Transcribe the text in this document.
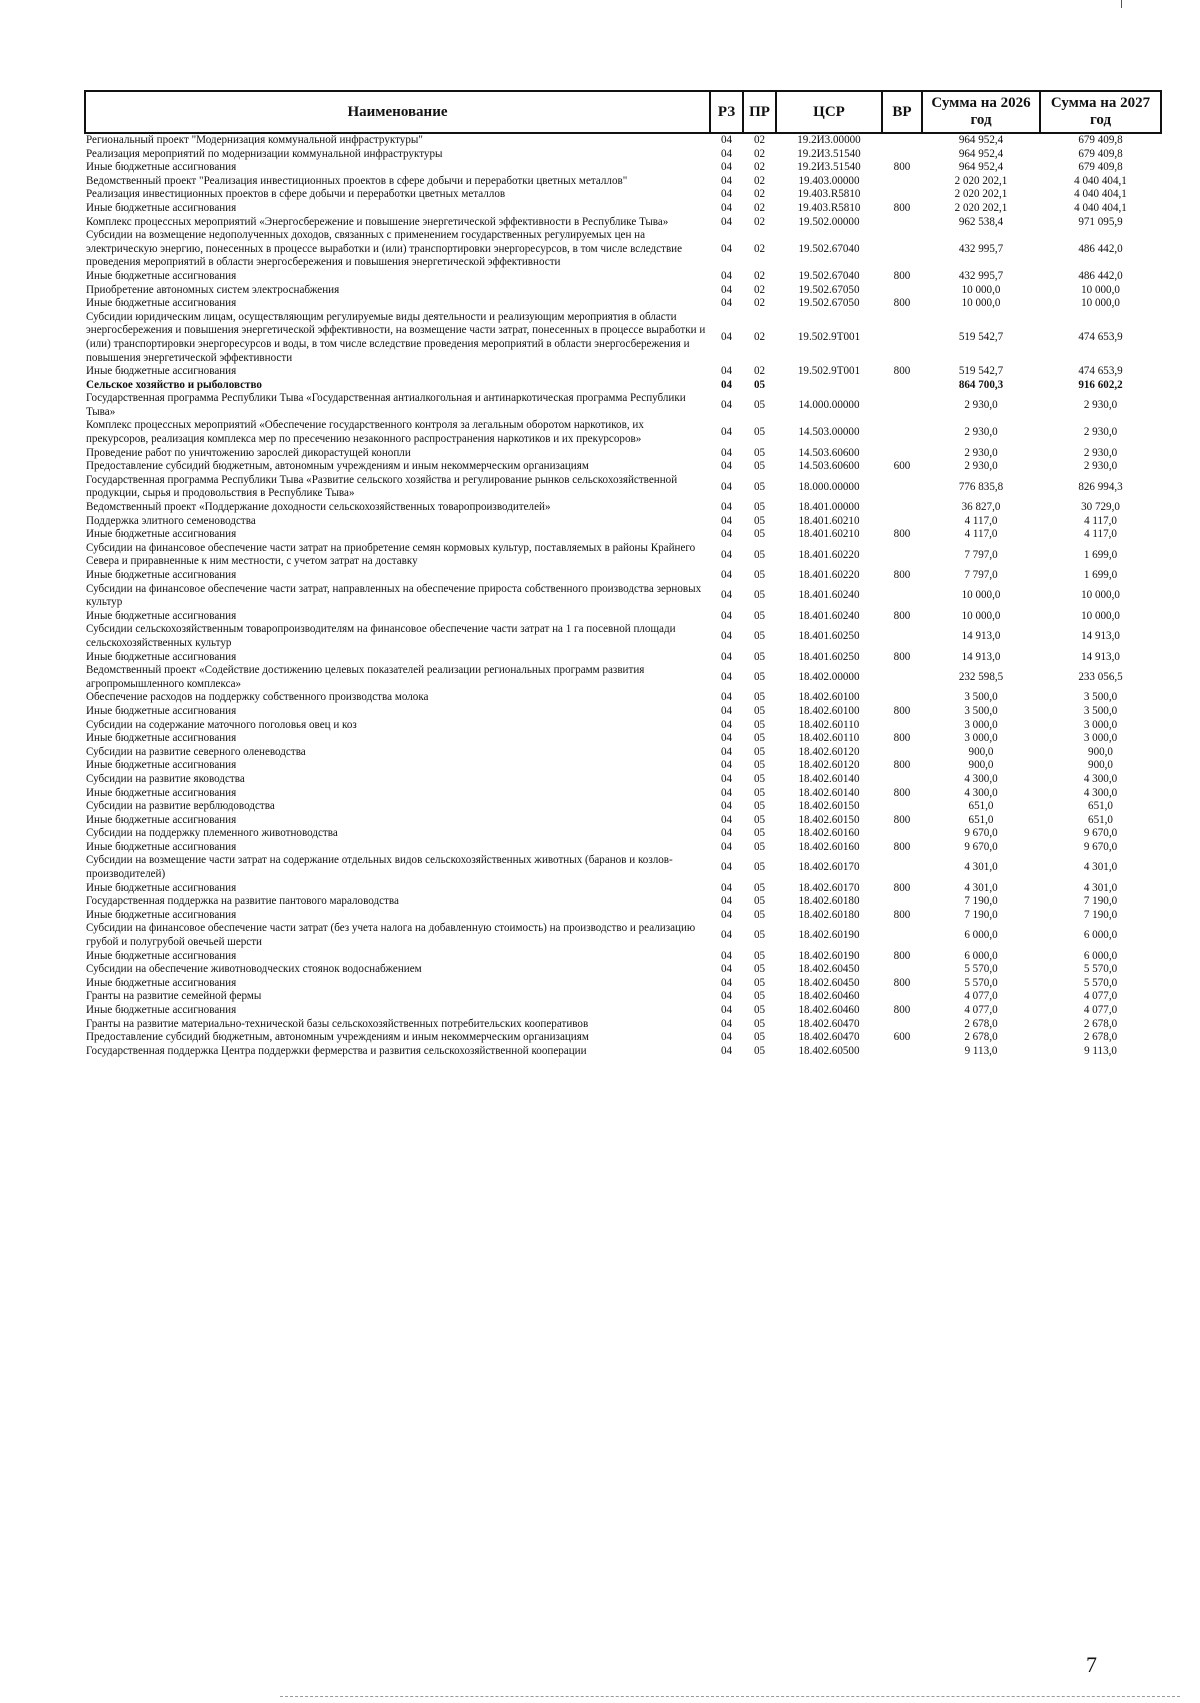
Наименование	РЗ	ПР	ЦСР	ВР	Сумма на 2026 год	Сумма на 2027 год
Региональный проект "Модернизация коммунальной инфраструктуры"	04	02	19.2И3.00000		964 952,4	679 409,8
Реализация мероприятий по модернизации коммунальной инфраструктуры	04	02	19.2И3.51540		964 952,4	679 409,8
Иные бюджетные ассигнования	04	02	19.2И3.51540	800	964 952,4	679 409,8
Ведомственный проект "Реализация инвестиционных проектов в сфере добычи и переработки цветных металлов"	04	02	19.403.00000		2 020 202,1	4 040 404,1
Реализация инвестиционных проектов в сфере добычи и переработки цветных металлов	04	02	19.403.R5810		2 020 202,1	4 040 404,1
Иные бюджетные ассигнования	04	02	19.403.R5810	800	2 020 202,1	4 040 404,1
Комплекс процессных мероприятий «Энергосбережение и повышение энергетической эффективности в Республике Тыва»	04	02	19.502.00000		962 538,4	971 095,9
Субсидии на возмещение недополученных доходов, связанных с применением государственных регулируемых цен на электрическую энергию, понесенных в процессе выработки и (или) транспортировки энергоресурсов, в том числе вследствие проведения мероприятий в области энергосбережения и повышения энергетической эффективности	04	02	19.502.67040		432 995,7	486 442,0
Иные бюджетные ассигнования	04	02	19.502.67040	800	432 995,7	486 442,0
Приобретение автономных систем электроснабжения	04	02	19.502.67050		10 000,0	10 000,0
Иные бюджетные ассигнования	04	02	19.502.67050	800	10 000,0	10 000,0
Субсидии юридическим лицам, осуществляющим регулируемые виды деятельности и реализующим мероприятия в области энергосбережения и повышения энергетической эффективности, на возмещение части затрат, понесенных в процессе выработки и (или) транспортировки энергоресурсов и воды, в том числе вследствие проведения мероприятий в области энергосбережения и повышения энергетической эффективности	04	02	19.502.9Т001		519 542,7	474 653,9
Иные бюджетные ассигнования	04	02	19.502.9Т001	800	519 542,7	474 653,9
Сельское хозяйство и рыболовство	04	05			864 700,3	916 602,2
Государственная программа Республики Тыва «Государственная антиалкогольная и антинаркотическая программа Республики Тыва»	04	05	14.000.00000		2 930,0	2 930,0
Комплекс процессных мероприятий «Обеспечение государственного контроля за легальным оборотом наркотиков, их прекурсоров, реализация комплекса мер по пресечению незаконного распространения наркотиков и их прекурсоров»	04	05	14.503.00000		2 930,0	2 930,0
Проведение работ по уничтожению зарослей дикорастущей конопли	04	05	14.503.60600		2 930,0	2 930,0
Предоставление субсидий бюджетным, автономным учреждениям и иным некоммерческим организациям	04	05	14.503.60600	600	2 930,0	2 930,0
Государственная программа Республики Тыва «Развитие сельского хозяйства и регулирование рынков сельскохозяйственной продукции, сырья и продовольствия в Республике Тыва»	04	05	18.000.00000		776 835,8	826 994,3
Ведомственный проект «Поддержание доходности сельскохозяйственных товаропроизводителей»	04	05	18.401.00000		36 827,0	30 729,0
Поддержка элитного семеноводства	04	05	18.401.60210		4 117,0	4 117,0
Иные бюджетные ассигнования	04	05	18.401.60210	800	4 117,0	4 117,0
Субсидии на финансовое обеспечение части затрат на приобретение семян кормовых культур, поставляемых в районы Крайнего Севера и приравненные к ним местности, с учетом затрат на доставку	04	05	18.401.60220		7 797,0	1 699,0
Иные бюджетные ассигнования	04	05	18.401.60220	800	7 797,0	1 699,0
Субсидии на финансовое обеспечение части затрат, направленных на обеспечение прироста собственного производства зерновых культур	04	05	18.401.60240		10 000,0	10 000,0
Иные бюджетные ассигнования	04	05	18.401.60240	800	10 000,0	10 000,0
Субсидии сельскохозяйственным товаропроизводителям на финансовое обеспечение части затрат на 1 га посевной площади сельскохозяйственных культур	04	05	18.401.60250		14 913,0	14 913,0
Иные бюджетные ассигнования	04	05	18.401.60250	800	14 913,0	14 913,0
Ведомственный проект «Содействие достижению целевых показателей реализации региональных программ развития агропромышленного комплекса»	04	05	18.402.00000		232 598,5	233 056,5
Обеспечение расходов на поддержку собственного производства молока	04	05	18.402.60100		3 500,0	3 500,0
Иные бюджетные ассигнования	04	05	18.402.60100	800	3 500,0	3 500,0
Субсидии на содержание маточного поголовья овец и коз	04	05	18.402.60110		3 000,0	3 000,0
Иные бюджетные ассигнования	04	05	18.402.60110	800	3 000,0	3 000,0
Субсидии на развитие северного оленеводства	04	05	18.402.60120		900,0	900,0
Иные бюджетные ассигнования	04	05	18.402.60120	800	900,0	900,0
Субсидии на развитие яководства	04	05	18.402.60140		4 300,0	4 300,0
Иные бюджетные ассигнования	04	05	18.402.60140	800	4 300,0	4 300,0
Субсидии на развитие верблюдоводства	04	05	18.402.60150		651,0	651,0
Иные бюджетные ассигнования	04	05	18.402.60150	800	651,0	651,0
Субсидии на поддержку племенного животноводства	04	05	18.402.60160		9 670,0	9 670,0
Иные бюджетные ассигнования	04	05	18.402.60160	800	9 670,0	9 670,0
Субсидии на возмещение части затрат на содержание отдельных видов сельскохозяйственных животных (баранов и козлов-производителей)	04	05	18.402.60170		4 301,0	4 301,0
Иные бюджетные ассигнования	04	05	18.402.60170	800	4 301,0	4 301,0
Государственная поддержка на развитие пантового мараловодства	04	05	18.402.60180		7 190,0	7 190,0
Иные бюджетные ассигнования	04	05	18.402.60180	800	7 190,0	7 190,0
Субсидии на финансовое обеспечение части затрат (без учета налога на добавленную стоимость) на производство и реализацию грубой и полугрубой овечьей шерсти	04	05	18.402.60190		6 000,0	6 000,0
Иные бюджетные ассигнования	04	05	18.402.60190	800	6 000,0	6 000,0
Субсидии на обеспечение животноводческих стоянок водоснабжением	04	05	18.402.60450		5 570,0	5 570,0
Иные бюджетные ассигнования	04	05	18.402.60450	800	5 570,0	5 570,0
Гранты на развитие семейной фермы	04	05	18.402.60460		4 077,0	4 077,0
Иные бюджетные ассигнования	04	05	18.402.60460	800	4 077,0	4 077,0
Гранты на развитие материально-технической базы сельскохозяйственных потребительских кооперативов	04	05	18.402.60470		2 678,0	2 678,0
Предоставление субсидий бюджетным, автономным учреждениям и иным некоммерческим организациям	04	05	18.402.60470	600	2 678,0	2 678,0
Государственная поддержка Центра поддержки фермерства и развития сельскохозяйственной кооперации	04	05	18.402.60500		9 113,0	9 113,0
7
